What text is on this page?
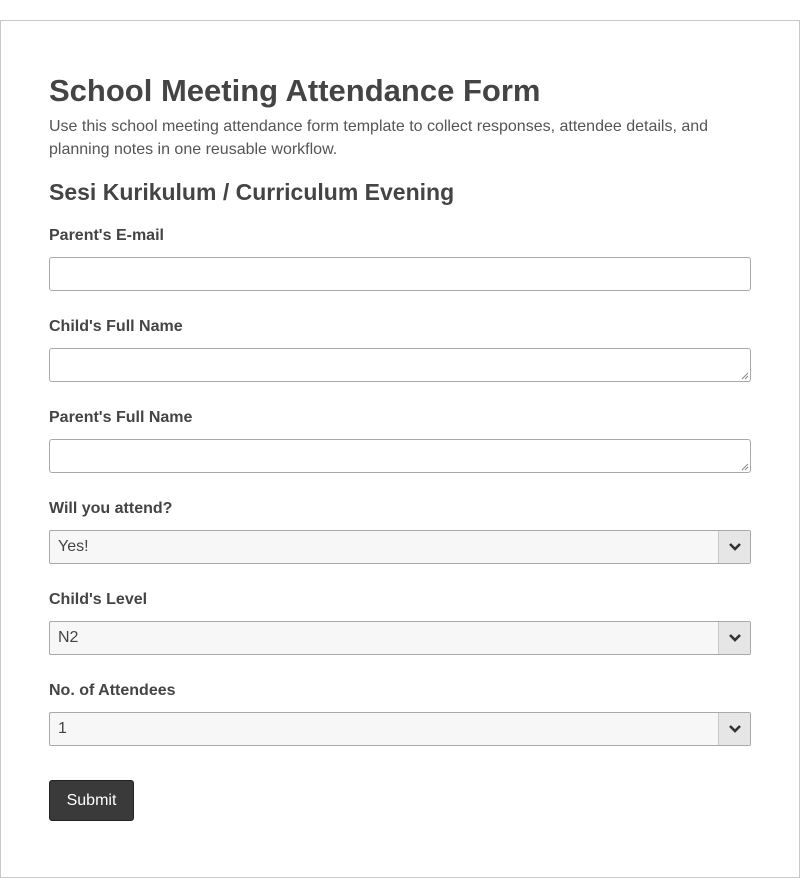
School Meeting Attendance Form

Use this school meeting attendance form template to collect responses, attendee details, and planning notes in one reusable workflow.

Sesi Kurikulum / Curriculum Evening
Parent's E-mail
Child's Full Name
Parent's Full Name
Will you attend?
Yes!
Child's Level
N2
No. of Attendees
1
Submit
